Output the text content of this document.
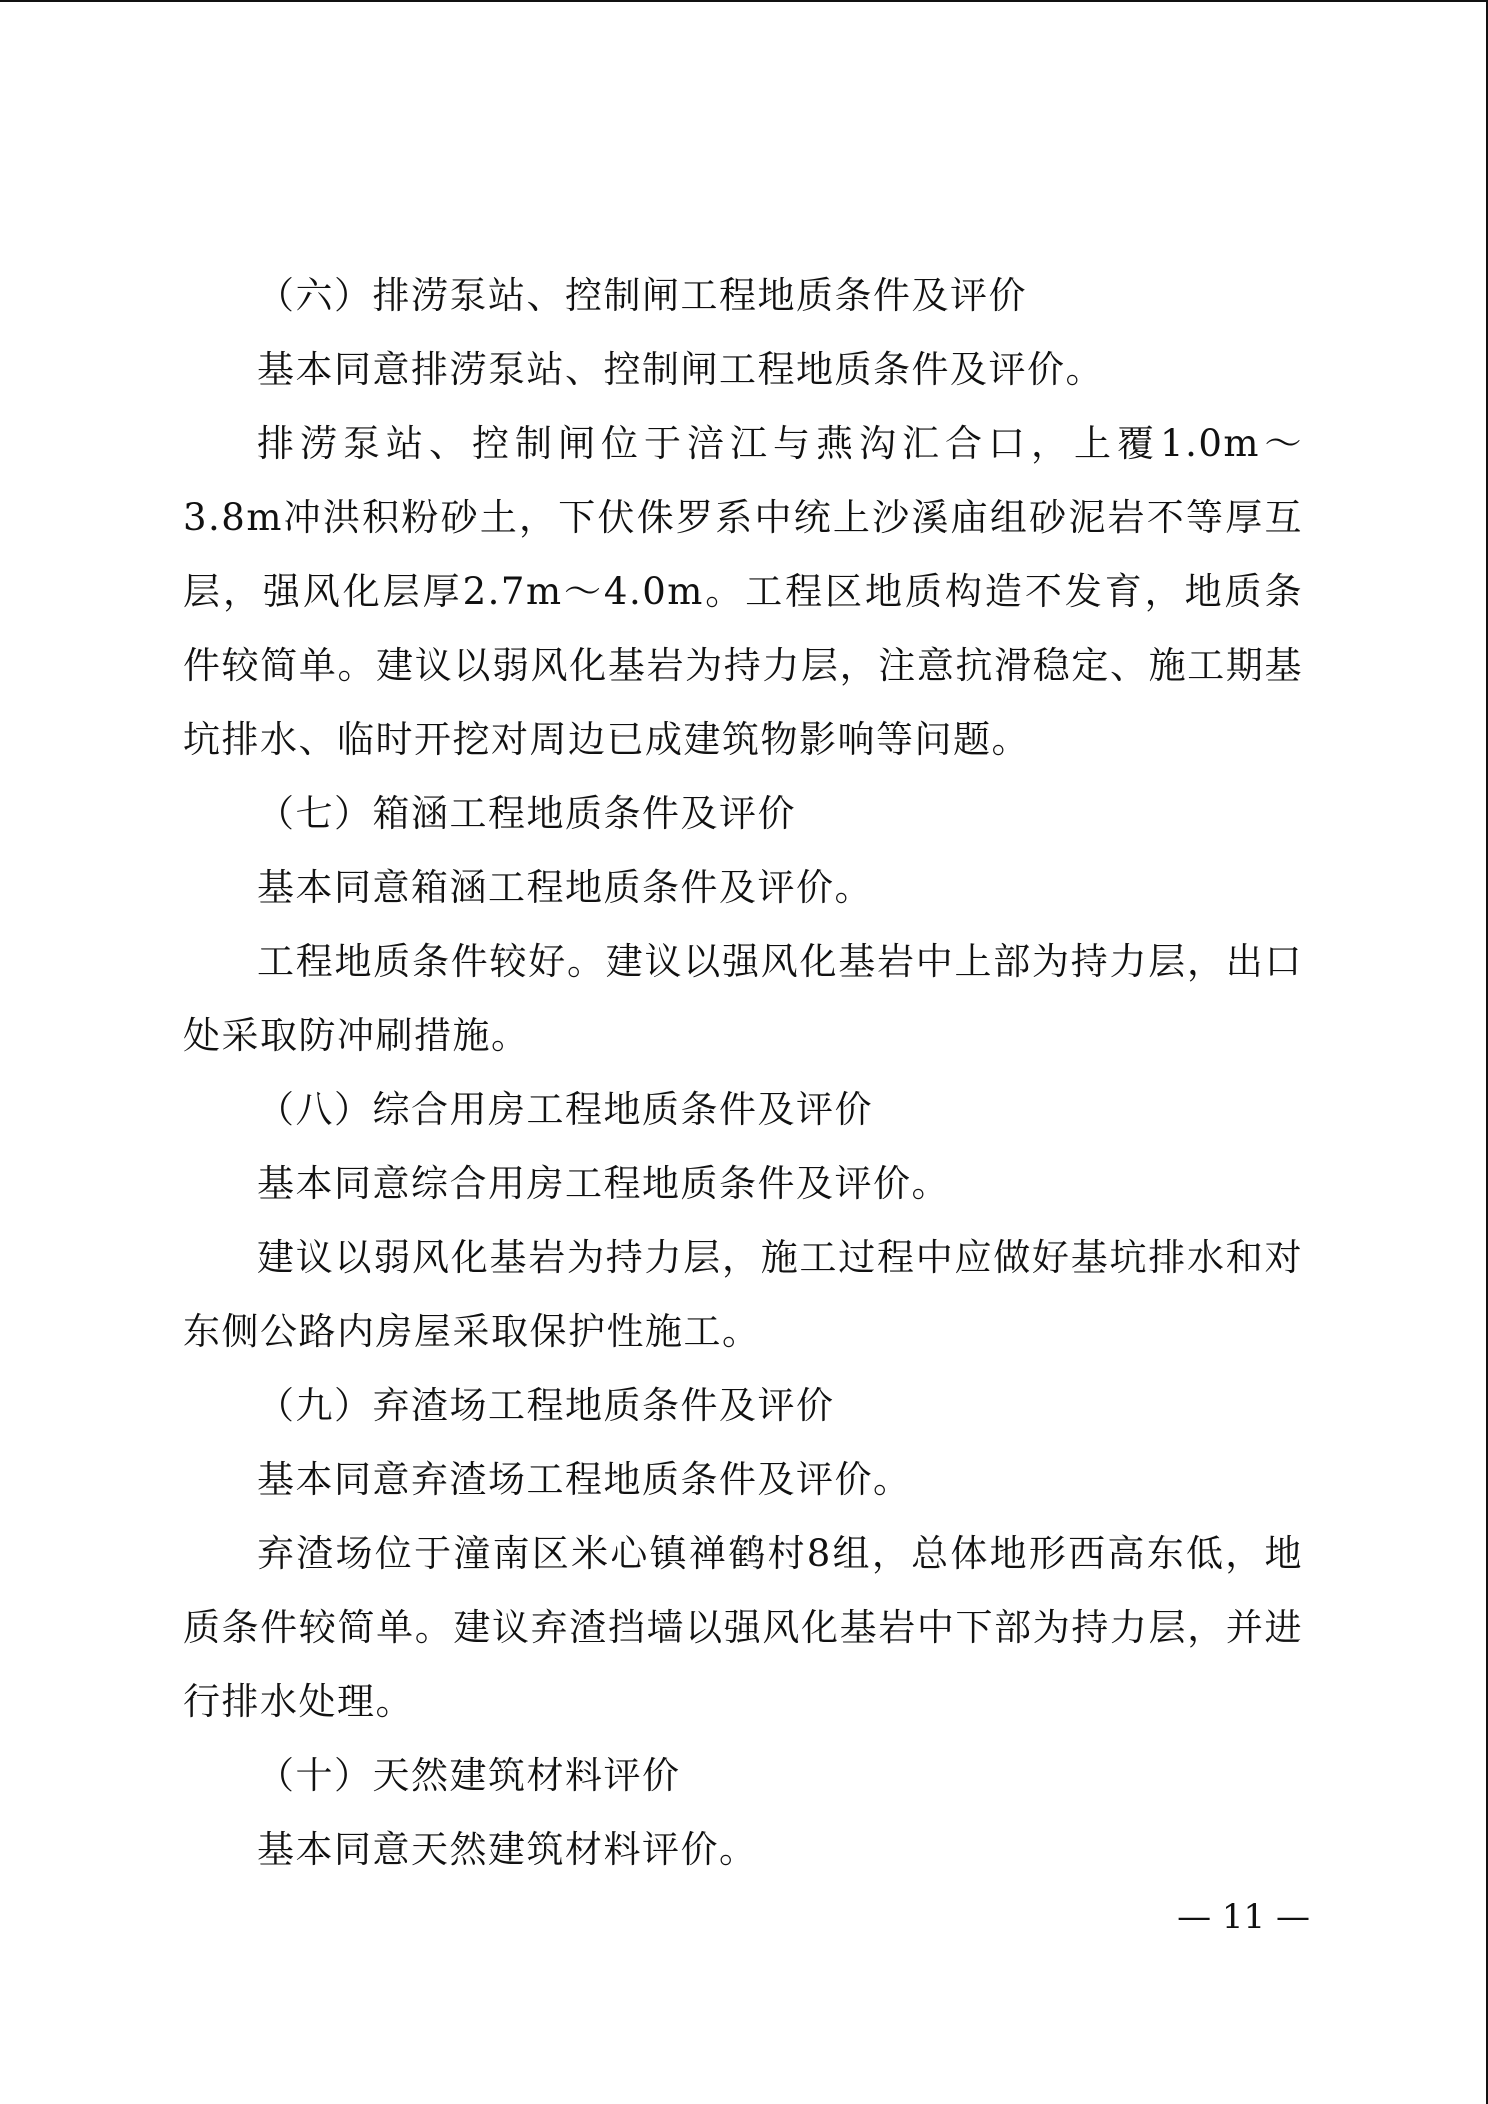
（六）排涝泵站、控制闸工程地质条件及评价

基本同意排涝泵站、控制闸工程地质条件及评价。

排涝泵站、控制闸位于涪江与燕沟汇合口，上覆1.0m～3.8m冲洪积粉砂土，下伏侏罗系中统上沙溪庙组砂泥岩不等厚互层，强风化层厚2.7m～4.0m。工程区地质构造不发育，地质条件较简单。建议以弱风化基岩为持力层，注意抗滑稳定、施工期基坑排水、临时开挖对周边已成建筑物影响等问题。

（七）箱涵工程地质条件及评价

基本同意箱涵工程地质条件及评价。

工程地质条件较好。建议以强风化基岩中上部为持力层，出口处采取防冲刷措施。

（八）综合用房工程地质条件及评价

基本同意综合用房工程地质条件及评价。

建议以弱风化基岩为持力层，施工过程中应做好基坑排水和对东侧公路内房屋采取保护性施工。

（九）弃渣场工程地质条件及评价

基本同意弃渣场工程地质条件及评价。

弃渣场位于潼南区米心镇禅鹤村8组，总体地形西高东低，地质条件较简单。建议弃渣挡墙以强风化基岩中下部为持力层，并进行排水处理。

（十）天然建筑材料评价

基本同意天然建筑材料评价。

— 11 —
